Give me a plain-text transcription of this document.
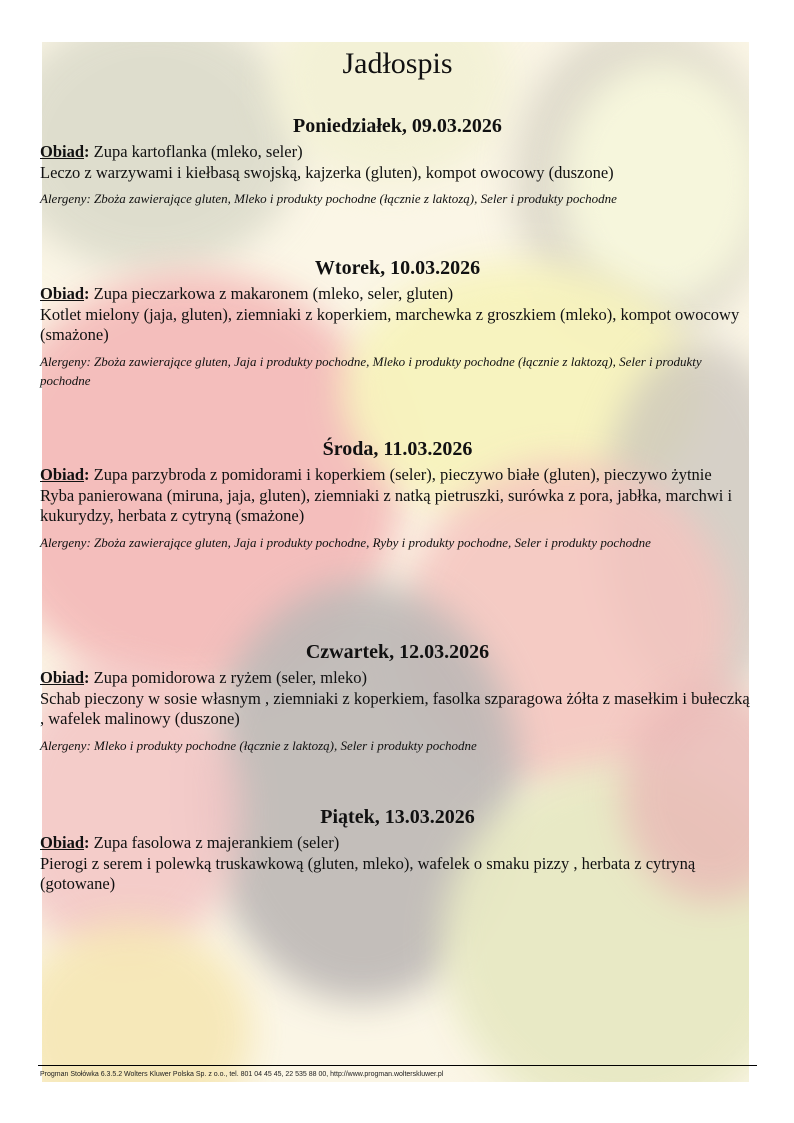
Jadłospis
Poniedziałek, 09.03.2026

Obiad: Zupa kartoflanka (mleko, seler)
Leczo z warzywami i kiełbasą swojską, kajzerka (gluten), kompot owocowy (duszone)

Alergeny: Zboża zawierające gluten, Mleko i produkty pochodne (łącznie z laktozą), Seler i produkty pochodne
Wtorek, 10.03.2026

Obiad: Zupa pieczarkowa z makaronem (mleko, seler, gluten)
Kotlet mielony (jaja, gluten), ziemniaki z koperkiem, marchewka z groszkiem (mleko), kompot owocowy (smażone)

Alergeny: Zboża zawierające gluten, Jaja i produkty pochodne, Mleko i produkty pochodne (łącznie z laktozą), Seler i produkty pochodne
Środa, 11.03.2026

Obiad: Zupa parzybroda z pomidorami i koperkiem (seler), pieczywo białe (gluten), pieczywo żytnie
Ryba panierowana (miruna, jaja, gluten), ziemniaki z natką pietruszki, surówka z pora, jabłka, marchwi i kukurydzy, herbata z cytryną (smażone)

Alergeny: Zboża zawierające gluten, Jaja i produkty pochodne, Ryby i produkty pochodne, Seler i produkty pochodne
Czwartek, 12.03.2026

Obiad: Zupa pomidorowa z ryżem (seler, mleko)
Schab pieczony w sosie własnym , ziemniaki z koperkiem, fasolka szparagowa żółta z masełkim i bułeczką , wafelek malinowy (duszone)

Alergeny: Mleko i produkty pochodne (łącznie z laktozą), Seler i produkty pochodne
Piątek, 13.03.2026

Obiad: Zupa fasolowa z majerankiem (seler)
Pierogi z serem i polewką truskawkową (gluten, mleko), wafelek o smaku pizzy , herbata z cytryną (gotowane)

Progman Stołówka 6.3.5.2 Wolters Kluwer Polska Sp. z o.o., tel. 801 04 45 45, 22 535 88 00, http://www.progman.wolterskluwer.pl
